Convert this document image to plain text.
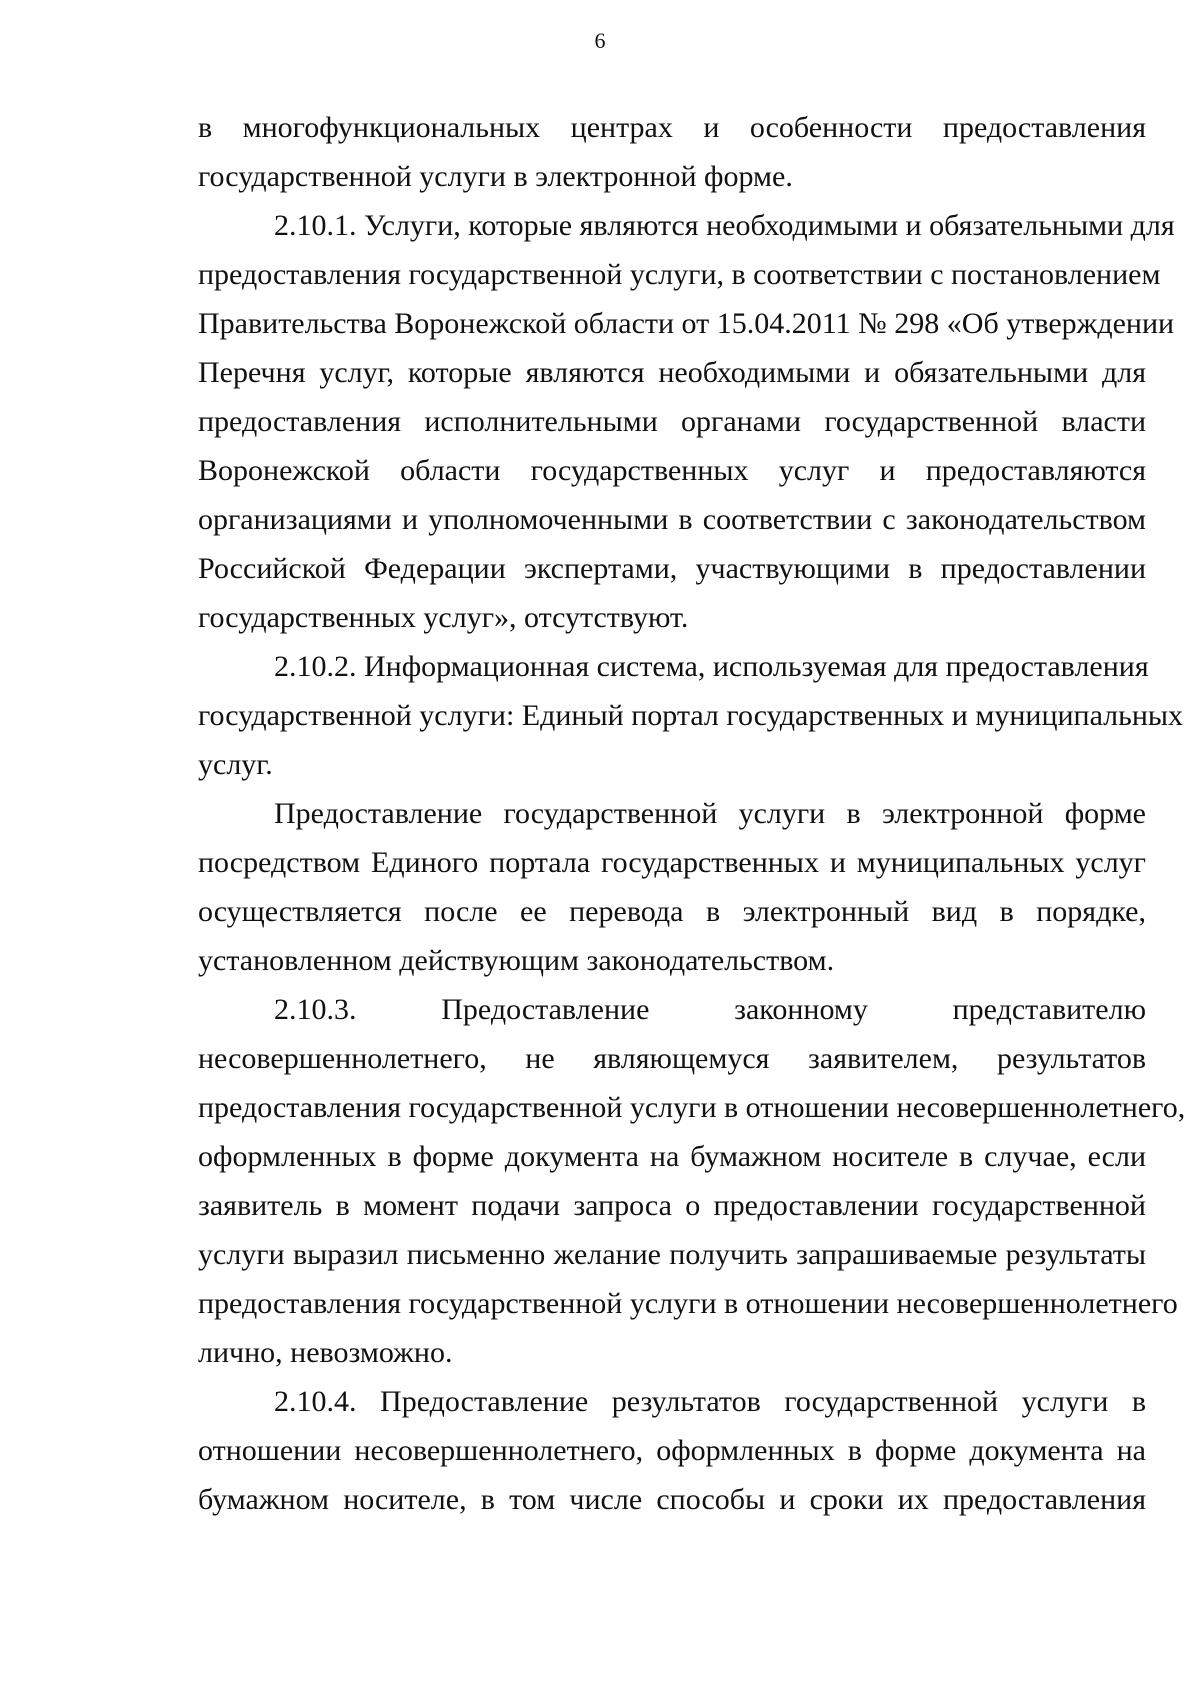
6

в многофункциональных центрах и особенности предоставления
государственной услуги в электронной форме.

2.10.1. Услуги, которые являются необходимыми и обязательными для
предоставления государственной услуги, в соответствии с постановлением
Правительства Воронежской области от 15.04.2011 № 298 «Об утверждении
Перечня услуг, которые являются необходимыми и обязательными для
предоставления исполнительными органами государственной власти
Воронежской области государственных услуг и предоставляются
организациями и уполномоченными в соответствии с законодательством
Российской Федерации экспертами, участвующими в предоставлении
государственных услуг», отсутствуют.

2.10.2. Информационная система, используемая для предоставления
государственной услуги: Единый портал государственных и муниципальных
услуг.

Предоставление государственной услуги в электронной форме
посредством Единого портала государственных и муниципальных услуг
осуществляется после ее перевода в электронный вид в порядке,
установленном действующим законодательством.

2.10.3. Предоставление законному представителю
несовершеннолетнего, не являющемуся заявителем, результатов
предоставления государственной услуги в отношении несовершеннолетнего,
оформленных в форме документа на бумажном носителе в случае, если
заявитель в момент подачи запроса о предоставлении государственной
услуги выразил письменно желание получить запрашиваемые результаты
предоставления государственной услуги в отношении несовершеннолетнего
лично, невозможно.

2.10.4. Предоставление результатов государственной услуги в
отношении несовершеннолетнего, оформленных в форме документа на
бумажном носителе, в том числе способы и сроки их предоставления
